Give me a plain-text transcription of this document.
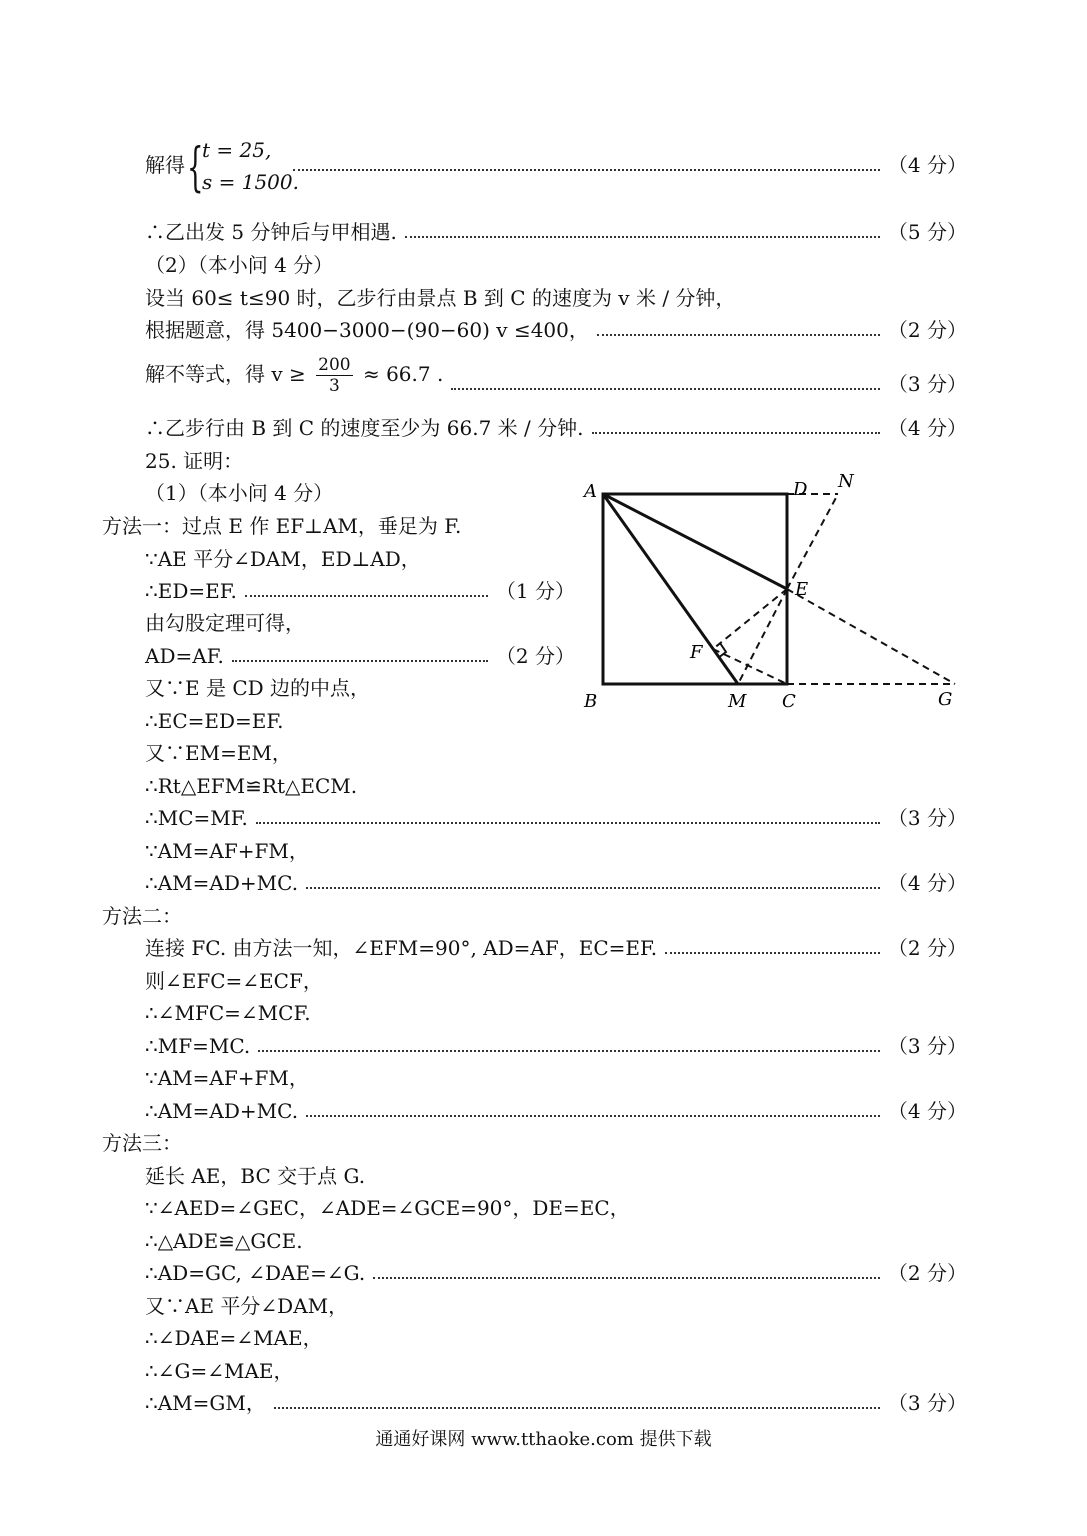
解得 {
t = 25,
s = 1500.
（4 分）
∴乙出发 5 分钟后与甲相遇.	（5 分）
（2）（本小问 4 分）
设当 60≤ t≤90 时，乙步行由景点 B 到 C 的速度为 v 米 / 分钟，
根据题意，得 5400−3000−(90−60) v ≤400，	（2 分）
解不等式，得 $v \ge \frac{200}{3} \approx 66.7$ .	（3 分）
∴乙步行由 B 到 C 的速度至少为 66.7 米 / 分钟.	（4 分）
25. 证明：
（1）（本小问 4 分）
方法一：过点 E 作 EF⊥AM，垂足为 F.
∵AE 平分∠DAM，ED⊥AD，
∴ED=EF.	（1 分）
由勾股定理可得，
AD=AF.	（2 分）
又∵E 是 CD 边的中点，
∴EC=ED=EF.
又∵EM=EM，
∴Rt△EFM≌Rt△ECM.
∴MC=MF.	（3 分）
∵AM=AF+FM，
∴AM=AD+MC.	（4 分）
方法二：
连接 FC. 由方法一知，∠EFM=90°, AD=AF，EC=EF.	（2 分）
则∠EFC=∠ECF，
∴∠MFC=∠MCF.
∴MF=MC.	（3 分）
∵AM=AF+FM，
∴AM=AD+MC.	（4 分）
方法三：
延长 AE，BC 交于点 G.
∵∠AED=∠GEC，∠ADE=∠GCE=90°，DE=EC，
∴△ADE≌△GCE.
∴AD=GC, ∠DAE=∠G.	（2 分）
又∵AE 平分∠DAM，
∴∠DAE=∠MAE，
∴∠G=∠MAE，
∴AM=GM，	（3 分）
A	D N
E
F
B	M C	G
通通好课网 www.tthaoke.com 提供下载
